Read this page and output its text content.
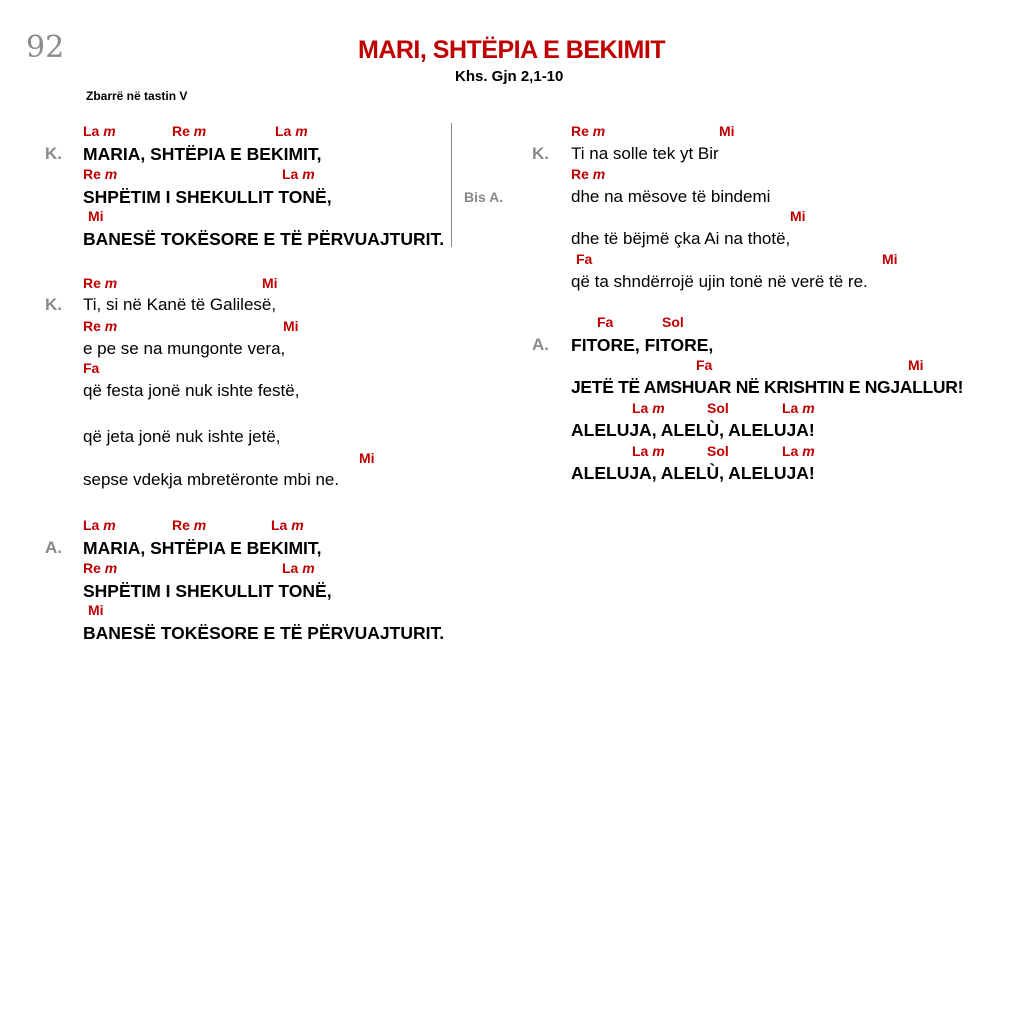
92	MARI, SHTËPIA E BEKIMIT
Khs. Gjn 2,1-10
Zbarrë në tastin V
Bis A.
La m	Re m	La m
K. MARIA, SHTËPIA E BEKIMIT,
Re m	La m
SHPËTIM I SHEKULLIT TONË,
Mi
BANESË TOKËSORE E TË PËRVUAJTURIT.
Re m	Mi
K. Ti, si në Kanë të Galilesë,
Re m	Mi
e pe se na mungonte vera,
Fa
që festa jonë nuk ishte festë,
që jeta jonë nuk ishte jetë,
Mi
sepse vdekja mbretëronte mbi ne.
La m	Re m	La m
A. MARIA, SHTËPIA E BEKIMIT,
Re m	La m
SHPËTIM I SHEKULLIT TONË,
Mi
BANESË TOKËSORE E TË PËRVUAJTURIT.
Re m	Mi
K. Ti na solle tek yt Bir
Re m
dhe na mësove të bindemi
Mi
dhe të bëjmë çka Ai na thotë,
Fa	Mi
që ta shndërrojë ujin tonë në verë të re.
Fa	Sol
A. FITORE, FITORE,
Fa	Mi
JETË TË AMSHUAR NË KRISHTIN E NGJALLUR!
La m	Sol	La m
ALELUJA, ALELÙ, ALELUJA!
La m	Sol	La m
ALELUJA, ALELÙ, ALELUJA!
